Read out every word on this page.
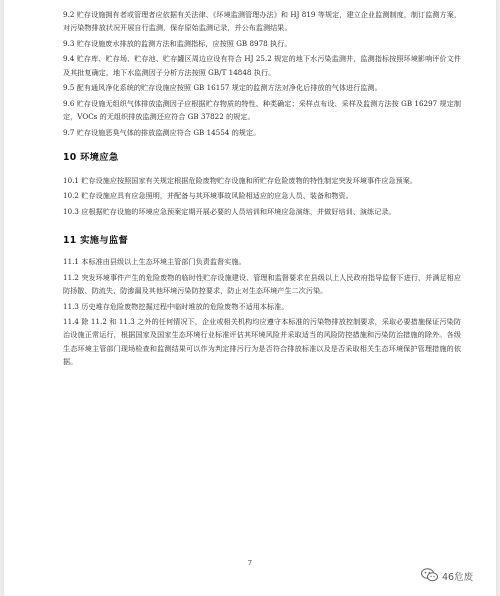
9.2 贮存设施拥有者或管理者应依据有关法律、《环境监测管理办法》和 HJ 819 等规定，建立企业监测制度，制订监测方案，对污染物排放状况开展自行监测，保存原始监测记录，并公布监测结果。

9.3 贮存设施废水排放的监测方法和监测指标，应按照 GB 8978 执行。

9.4 贮存库、贮存场、贮存池、贮存罐区周边应设有符合 HJ 25.2 规定的地下水污染监测井，监测指标按照环境影响评价文件及其批复确定，地下水监测因子分析方法按照 GB/T 14848 执行。

9.5 配有通风净化系统的贮存设施应按照 GB 16157 规定的监测方法对净化后排放的气体进行监测。

9.6 贮存设施无组织气体排放监测因子应根据贮存物质的特性、种类确定；采样点布设、采样及监测方法按 GB 16297 规定制定，VOCs 的无组织排放监测还应符合 GB 37822 的规定。

9.7 贮存设施恶臭气体的排放监测应符合 GB 14554 的规定。

10 环境应急

10.1 贮存设施应按照国家有关规定根据危险废物贮存设施和所贮存危险废物的特性制定突发环境事件应急预案。

10.2 贮存设施应具有应急照明，并配备与其环境事故风险相适应的应急人员、装备和物资。

10.3 应根据贮存设施的环境应急预案定期开展必要的人员培训和环境应急演练，并做好培训、演练记录。

11 实施与监督

11.1 本标准由县级以上生态环境主管部门负责监督实施。

11.2 突发环境事件产生的危险废物的临时性贮存设施建设、管理和监督要求在县级以上人民政府指导监督下进行，并满足相应防扬散、防流失、防渗漏及其他环境污染防控要求，防止对生态环境产生二次污染。

11.3 历史堆存危险废物挖掘过程中临时堆放的危险废物不适用本标准。

11.4 除 11.2 和 11.3 之外的任何情况下，企业或相关机构均应遵守本标准的污染物排放控制要求，采取必要措施保证污染防治设施正常运行，根据国家及国家生态环境行业标准评估其环境风险并采取适当的风险防控措施和污染防治措施的除外。各级生态环境主管部门现场检查和监测结果可以作为判定排污行为是否符合排放标准以及是否采取相关生态环境保护管理措施的依据。

7
46危废
